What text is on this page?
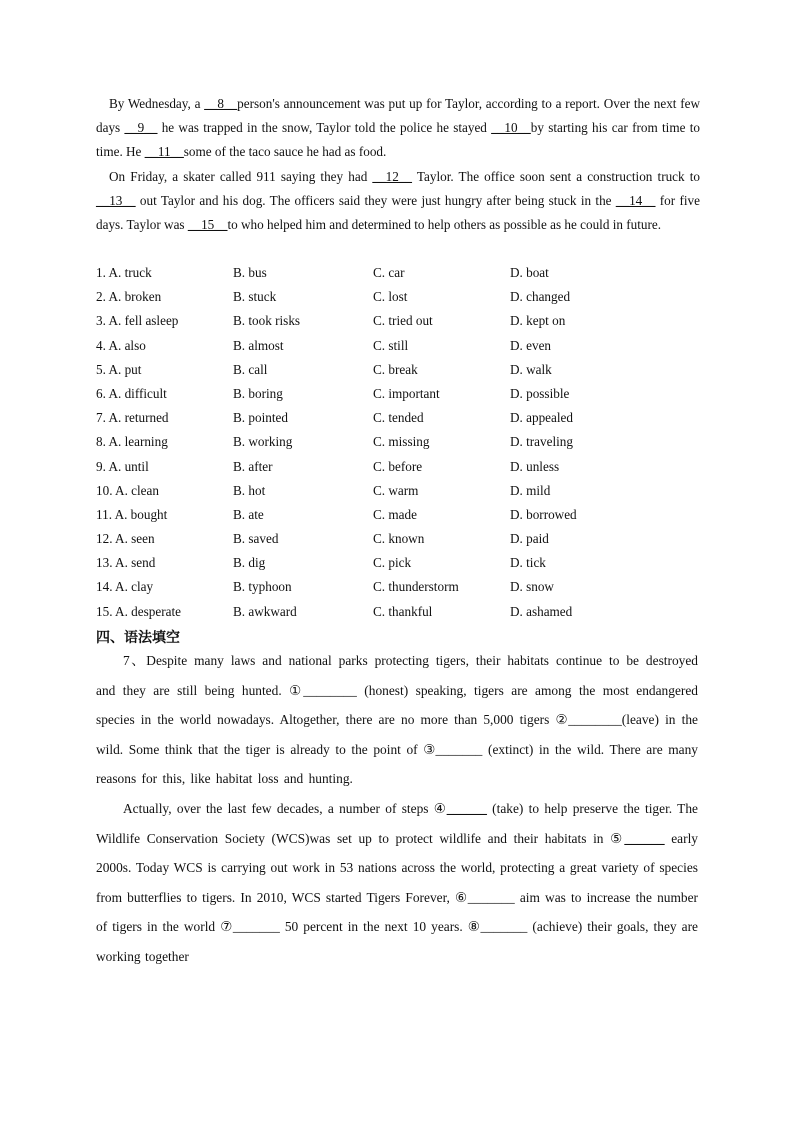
By Wednesday, a __8__person's announcement was put up for Taylor, according to a report. Over the next few days __9__ he was trapped in the snow, Taylor told the police he stayed __10__by starting his car from time to time. He __11__some of the taco sauce he had as food.

On Friday, a skater called 911 saying they had __12__ Taylor. The office soon sent a construction truck to __13__ out Taylor and his dog. The officers said they were just hungry after being stuck in the __14__ for five days. Taylor was __15__to who helped him and determined to help others as possible as he could in future.

1. A. truck	B. bus	C. car	D. boat
2. A. broken	B. stuck	C. lost	D. changed
3. A. fell asleep	B. took risks	C. tried out	D. kept on
4. A. also	B. almost	C. still	D. even
5. A. put	B. call	C. break	D. walk
6. A. difficult	B. boring	C. important	D. possible
7. A. returned	B. pointed	C. tended	D. appealed
8. A. learning	B. working	C. missing	D. traveling
9. A. until	B. after	C. before	D. unless
10. A. clean	B. hot	C. warm	D. mild
11. A. bought	B. ate	C. made	D. borrowed
12. A. seen	B. saved	C. known	D. paid
13. A. send	B. dig	C. pick	D. tick
14. A. clay	B. typhoon	C. thunderstorm	D. snow
15. A. desperate	B. awkward	C. thankful	D. ashamed
四、语法填空

7、Despite many laws and national parks protecting tigers, their habitats continue to be destroyed and they are still being hunted. ①________ (honest) speaking, tigers are among the most endangered species in the world nowadays. Altogether, there are no more than 5,000 tigers ②________(leave) in the wild. Some think that the tiger is already to the point of ③_______ (extinct) in the wild. There are many reasons for this, like habitat loss and hunting.

Actually, over the last few decades, a number of steps ④______ (take) to help preserve the tiger. The Wildlife Conservation Society (WCS)was set up to protect wildlife and their habitats in ⑤______ early 2000s. Today WCS is carrying out work in 53 nations across the world, protecting a great variety of species from butterflies to tigers. In 2010, WCS started Tigers Forever, ⑥_______ aim was to increase the number of tigers in the world ⑦_______ 50 percent in the next 10 years. ⑧_______ (achieve) their goals, they are working together
